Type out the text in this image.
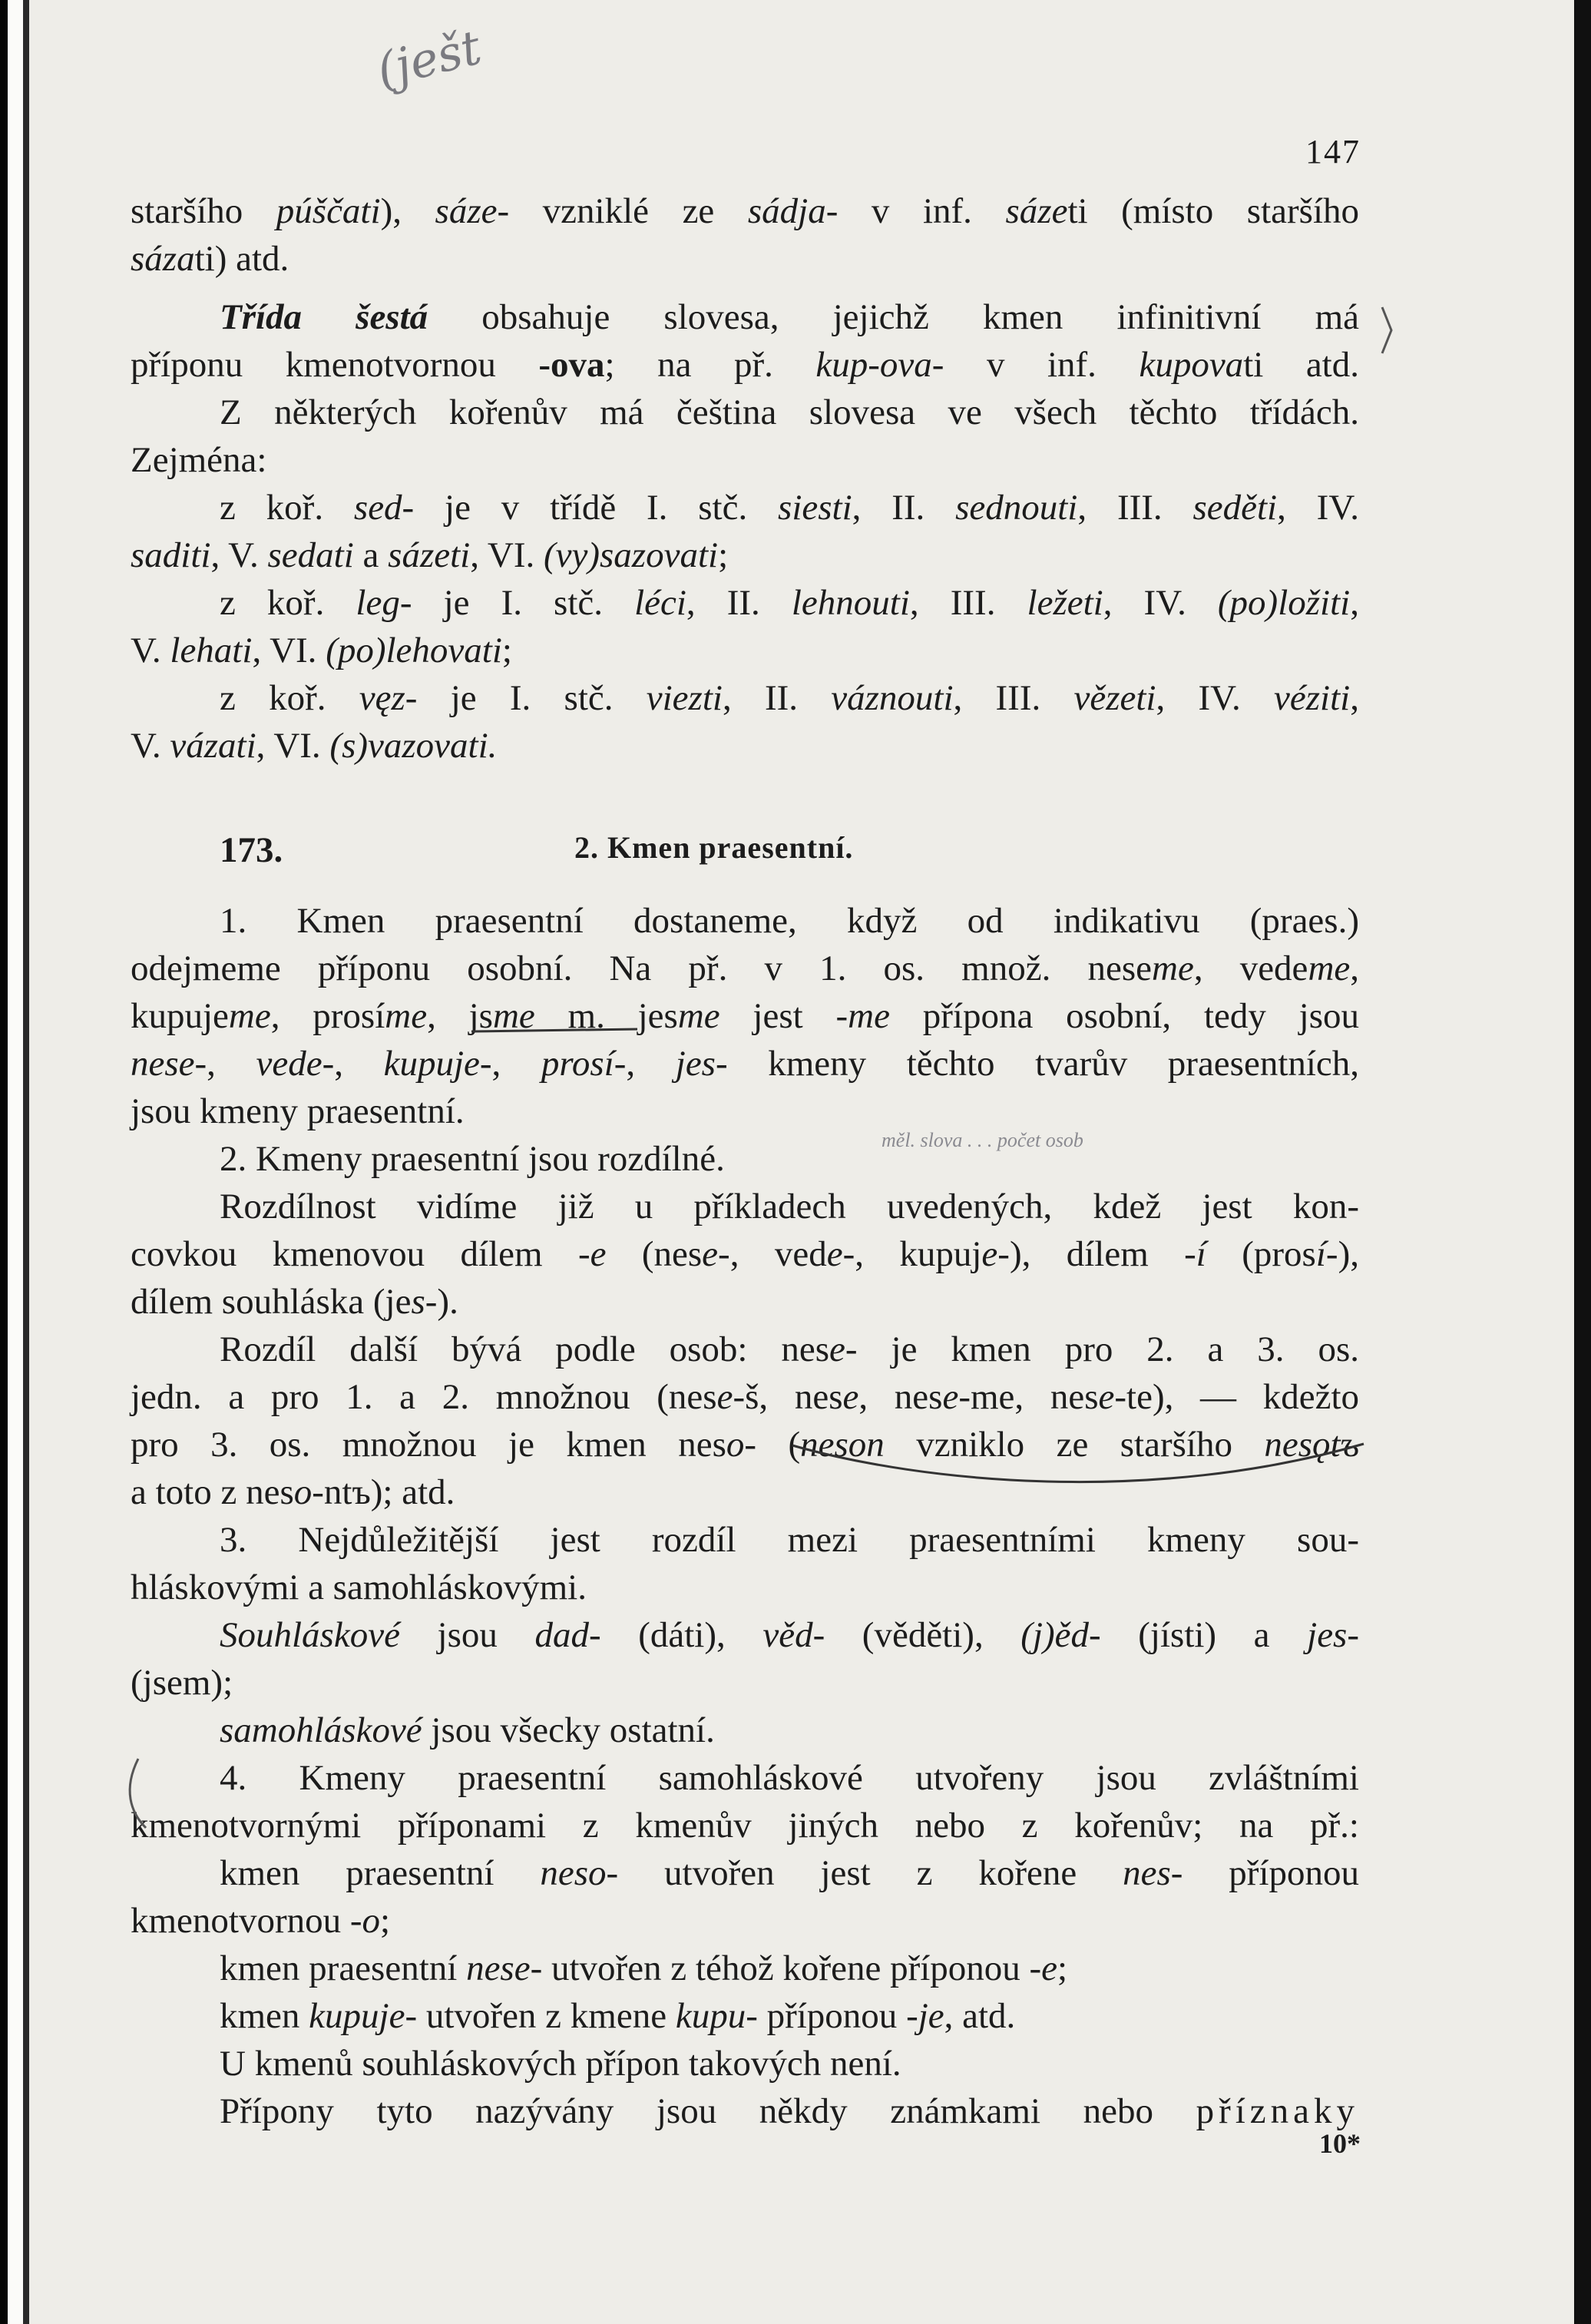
(ješt
147
staršího púščati), sáze- vzniklé ze sádja- v inf. sázeti (místo staršího
sázati) atd.
Třída šestá obsahuje slovesa, jejichž kmen infinitivní má
příponu kmenotvornou -ova; na př. kup-ova- v inf. kupovati atd.
Z některých kořenův má čeština slovesa ve všech těchto třídách.
Zejména:
z koř. sed- je v třídě I. stč. siesti, II. sednouti, III. seděti, IV.
saditi, V. sedati a sázeti, VI. (vy)sazovati;
z koř. leg- je I. stč. léci, II. lehnouti, III. ležeti, IV. (po)ložiti,
V. lehati, VI. (po)lehovati;
z koř. vęz- je I. stč. viezti, II. váznouti, III. vězeti, IV. véziti,
V. vázati, VI. (s)vazovati.
1. Kmen praesentní dostaneme, když od indikativu (praes.)
odejmeme příponu osobní. Na př. v 1. os. množ. neseme, vedeme,
kupujeme, prosíme, jsme m. jesme jest -me přípona osobní, tedy jsou
nese-, vede-, kupuje-, prosí-, jes- kmeny těchto tvarův praesentních,
jsou kmeny praesentní.
2. Kmeny praesentní jsou rozdílné.
Rozdílnost vidíme již u příkladech uvedených, kdež jest kon-
covkou kmenovou dílem -e (nese-, vede-, kupuje-), dílem -í (prosí-),
dílem souhláska (jes-).
Rozdíl další bývá podle osob: nese- je kmen pro 2. a 3. os.
jedn. a pro 1. a 2. množnou (nese-š, nese, nese-me, nese-te), — kdežto
pro 3. os. množnou je kmen neso- (neson vzniklo ze staršího nesǫtъ
a toto z neso-ntъ); atd.
3. Nejdůležitější jest rozdíl mezi praesentními kmeny sou-
hláskovými a samohláskovými.
Souhláskové jsou dad- (dáti), věd- (věděti), (j)ěd- (jísti) a jes-
(jsem);
samohláskové jsou všecky ostatní.
4. Kmeny praesentní samohláskové utvořeny jsou zvláštními
kmenotvornými příponami z kmenův jiných nebo z kořenův; na př.:
kmen praesentní neso- utvořen jest z kořene nes- příponou
kmenotvornou -o;
kmen praesentní nese- utvořen z téhož kořene příponou -e;
kmen kupuje- utvořen z kmene kupu- příponou -je, atd.
U kmenů souhláskových přípon takových není.
Přípony tyto nazývány jsou někdy známkami nebo příznaky
173.	2. Kmen praesentní.
měl. slova . . . počet osob
10*
